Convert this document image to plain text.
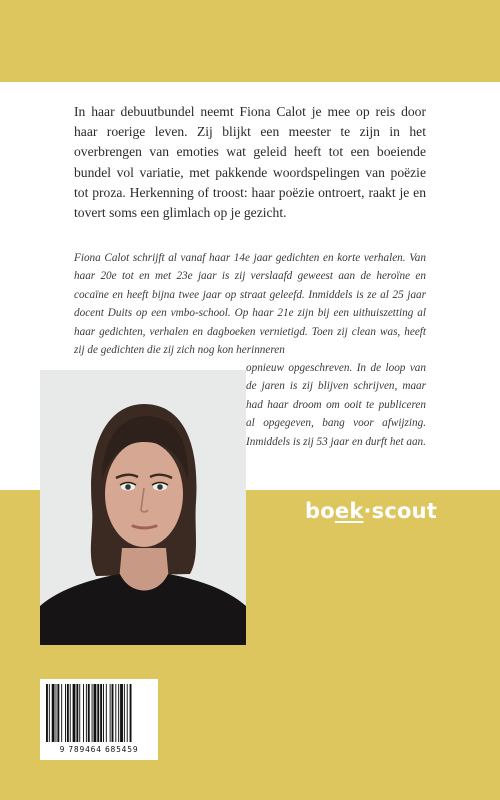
In haar debuutbundel neemt Fiona Calot je mee op reis door haar roerige leven. Zij blijkt een meester te zijn in het overbrengen van emoties wat geleid heeft tot een boeiende bundel vol variatie, met pakkende woordspelingen van poëzie tot proza. Herkenning of troost: haar poëzie ontroert, raakt je en tovert soms een glimlach op je gezicht.

Fiona Calot schrijft al vanaf haar 14e jaar gedichten en korte verhalen. Van haar 20e tot en met 23e jaar is zij verslaafd geweest aan de heroïne en cocaïne en heeft bijna twee jaar op straat geleefd. Inmiddels is ze al 25 jaar docent Duits op een vmbo-school. Op haar 21e zijn bij een uithuiszetting al haar gedichten, verhalen en dagboeken vernietigd. Toen zij clean was, heeft zij de gedichten die zij zich nog kon herinneren

opnieuw opgeschreven. In de loop van de jaren is zij blijven schrijven, maar had haar droom om ooit te publiceren al opgegeven, bang voor afwijzing. Inmiddels is zij 53 jaar en durft het aan.

boek·scout
9 789464 685459
